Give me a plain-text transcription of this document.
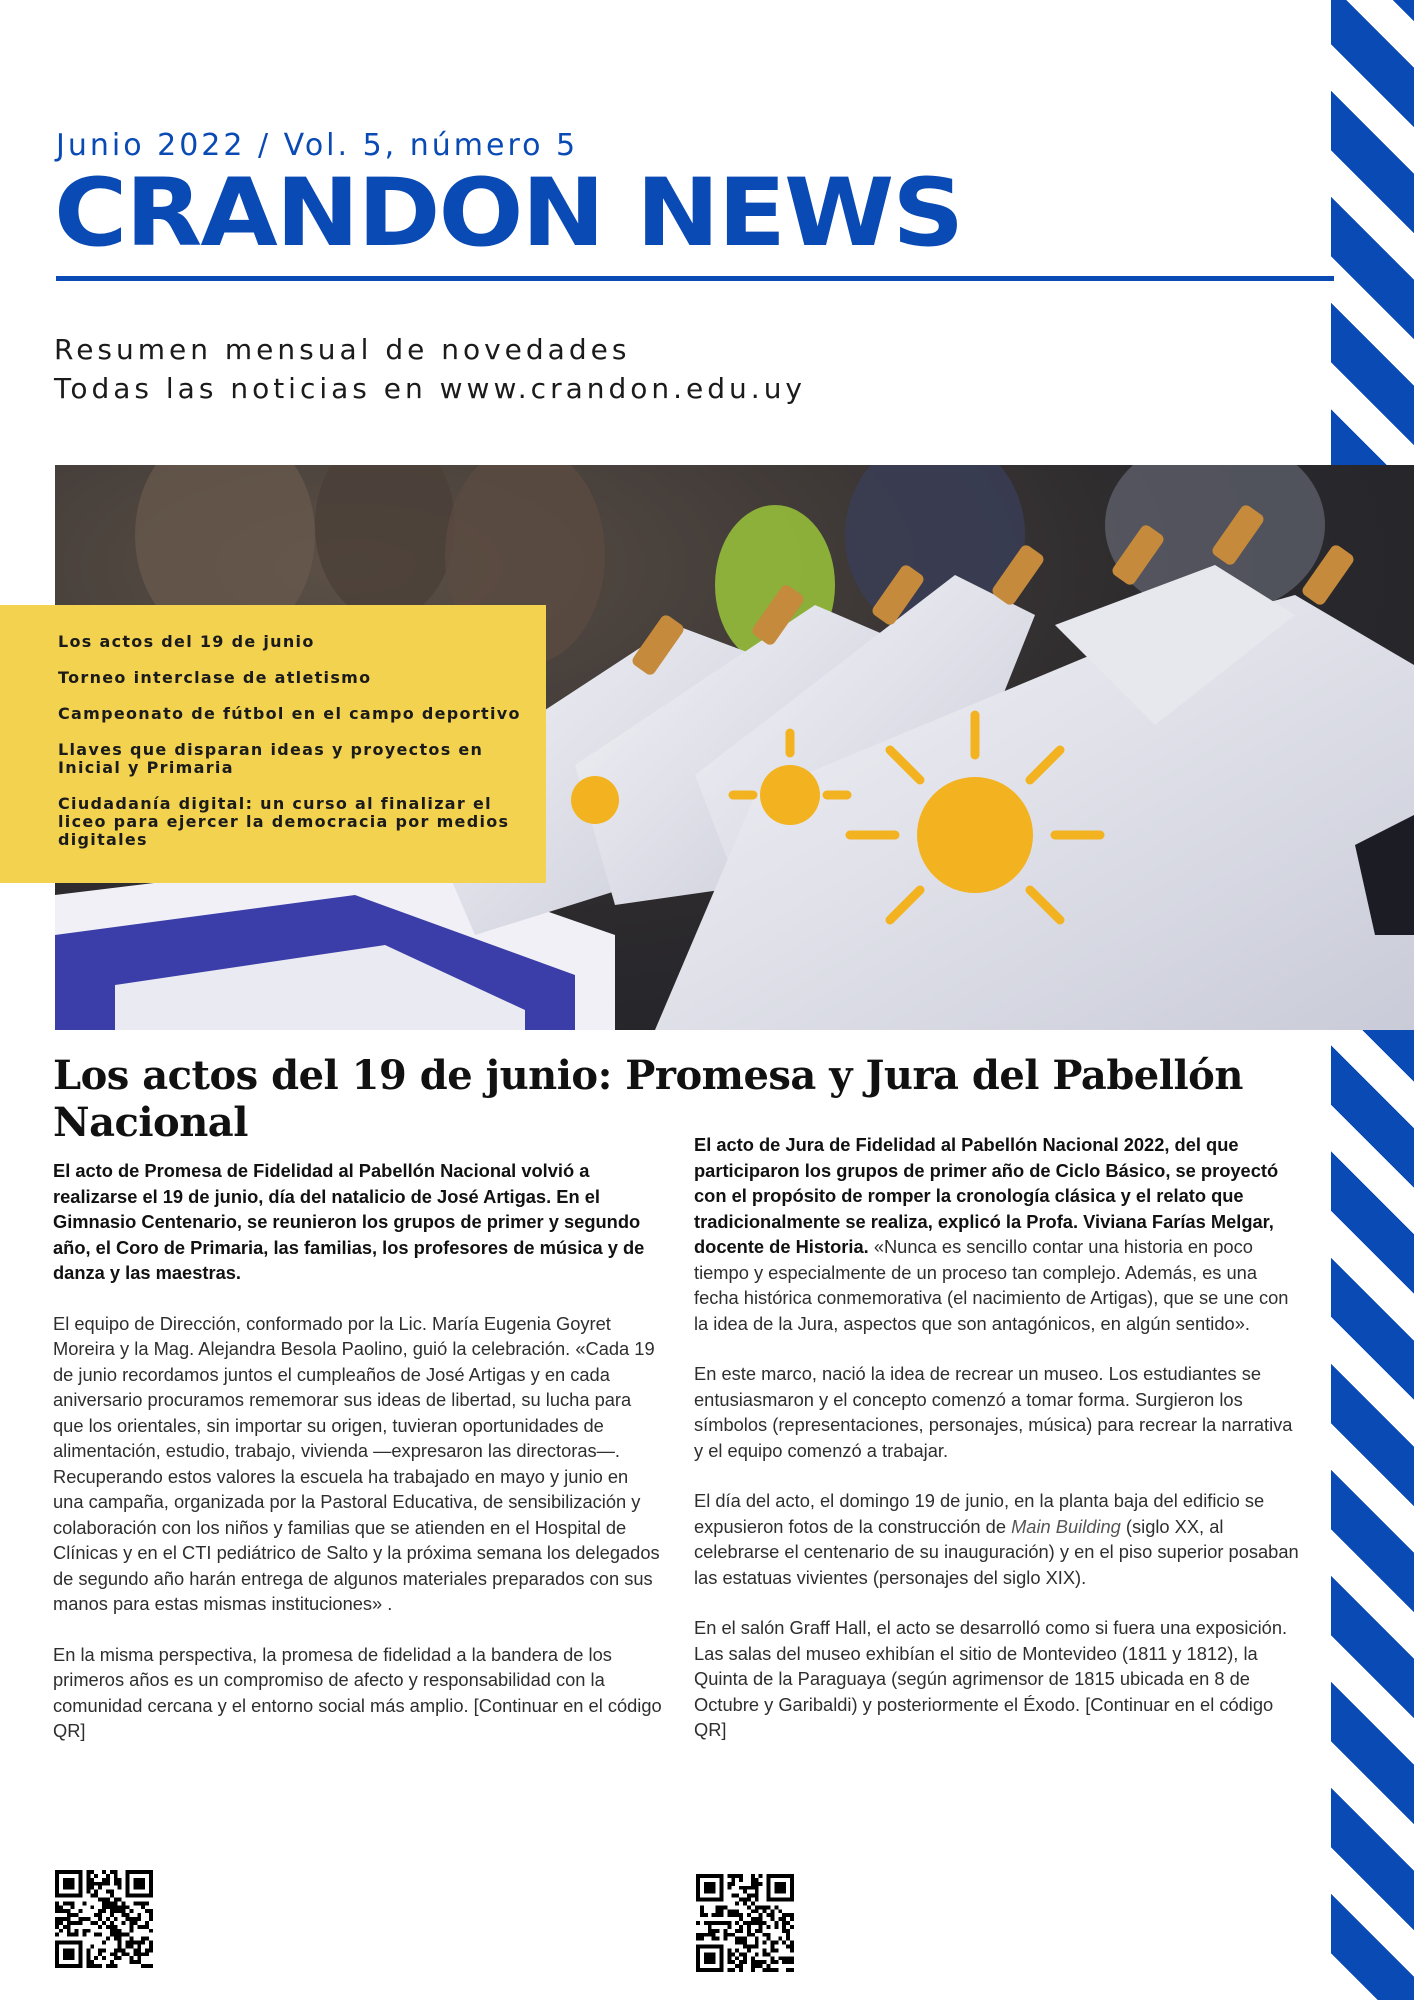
Junio 2022 / Vol. 5, número 5
CRANDON NEWS
Resumen mensual de novedades
Todas las noticias en www.crandon.edu.uy
Los actos del 19 de junio
Torneo interclase de atletismo
Campeonato de fútbol en el campo deportivo
Llaves que disparan ideas y proyectos en Inicial y Primaria
Ciudadanía digital: un curso al finalizar el liceo para ejercer la democracia por medios digitales
Los actos del 19 de junio: Promesa y Jura del Pabellón Nacional

El acto de Promesa de Fidelidad al Pabellón Nacional volvió a realizarse el 19 de junio, día del natalicio de José Artigas. En el Gimnasio Centenario, se reunieron los grupos de primer y segundo año, el Coro de Primaria, las familias, los profesores de música y de danza y las maestras.

El equipo de Dirección, conformado por la Lic. María Eugenia Goyret Moreira y la Mag. Alejandra Besola Paolino, guió la celebración. «Cada 19 de junio recordamos juntos el cumpleaños de José Artigas y en cada aniversario procuramos rememorar sus ideas de libertad, su lucha para que los orientales, sin importar su origen, tuvieran oportunidades de alimentación, estudio, trabajo, vivienda —expresaron las directoras—. Recuperando estos valores la escuela ha trabajado en mayo y junio en una campaña, organizada por la Pastoral Educativa, de sensibilización y colaboración con los niños y familias que se atienden en el Hospital de Clínicas y en el CTI pediátrico de Salto y la próxima semana los delegados de segundo año harán entrega de algunos materiales preparados con sus manos para estas mismas instituciones» .

En la misma perspectiva, la promesa de fidelidad a la bandera de los primeros años es un compromiso de afecto y responsabilidad con la comunidad cercana y el entorno social más amplio. [Continuar en el código QR]

El acto de Jura de Fidelidad al Pabellón Nacional 2022, del que participaron los grupos de primer año de Ciclo Básico, se proyectó con el propósito de romper la cronología clásica y el relato que tradicionalmente se realiza, explicó la Profa. Viviana Farías Melgar, docente de Historia. «Nunca es sencillo contar una historia en poco tiempo y especialmente de un proceso tan complejo. Además, es una fecha histórica conmemorativa (el nacimiento de Artigas), que se une con la idea de la Jura, aspectos que son antagónicos, en algún sentido».

En este marco, nació la idea de recrear un museo. Los estudiantes se entusiasmaron y el concepto comenzó a tomar forma. Surgieron los símbolos (representaciones, personajes, música) para recrear la narrativa y el equipo comenzó a trabajar.

El día del acto, el domingo 19 de junio, en la planta baja del edificio se expusieron fotos de la construcción de Main Building (siglo XX, al celebrarse el centenario de su inauguración) y en el piso superior posaban las estatuas vivientes (personajes del siglo XIX).

En el salón Graff Hall, el acto se desarrolló como si fuera una exposición. Las salas del museo exhibían el sitio de Montevideo (1811 y 1812), la Quinta de la Paraguaya (según agrimensor de 1815 ubicada en 8 de Octubre y Garibaldi) y posteriormente el Éxodo. [Continuar en el código QR]
